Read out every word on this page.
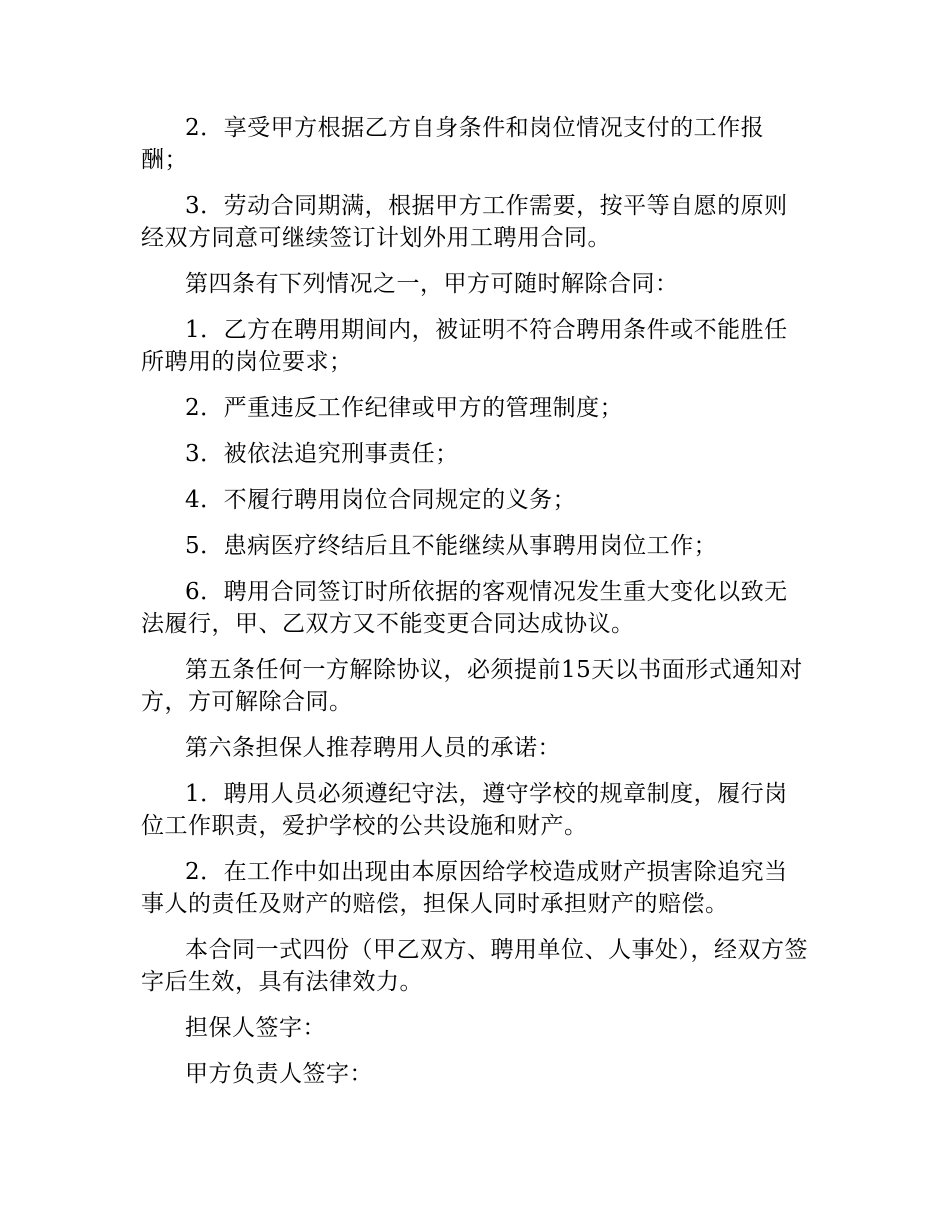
2．享受甲方根据乙方自身条件和岗位情况支付的工作报酬；

3．劳动合同期满，根据甲方工作需要，按平等自愿的原则经双方同意可继续签订计划外用工聘用合同。

第四条有下列情况之一，甲方可随时解除合同：

1．乙方在聘用期间内，被证明不符合聘用条件或不能胜任所聘用的岗位要求；

2．严重违反工作纪律或甲方的管理制度；

3．被依法追究刑事责任；

4．不履行聘用岗位合同规定的义务；

5．患病医疗终结后且不能继续从事聘用岗位工作；

6．聘用合同签订时所依据的客观情况发生重大变化以致无法履行，甲、乙双方又不能变更合同达成协议。

第五条任何一方解除协议，必须提前15天以书面形式通知对方，方可解除合同。

第六条担保人推荐聘用人员的承诺：

1．聘用人员必须遵纪守法，遵守学校的规章制度，履行岗位工作职责，爱护学校的公共设施和财产。

2．在工作中如出现由本原因给学校造成财产损害除追究当事人的责任及财产的赔偿，担保人同时承担财产的赔偿。

本合同一式四份（甲乙双方、聘用单位、人事处），经双方签字后生效，具有法律效力。

担保人签字：

甲方负责人签字：
